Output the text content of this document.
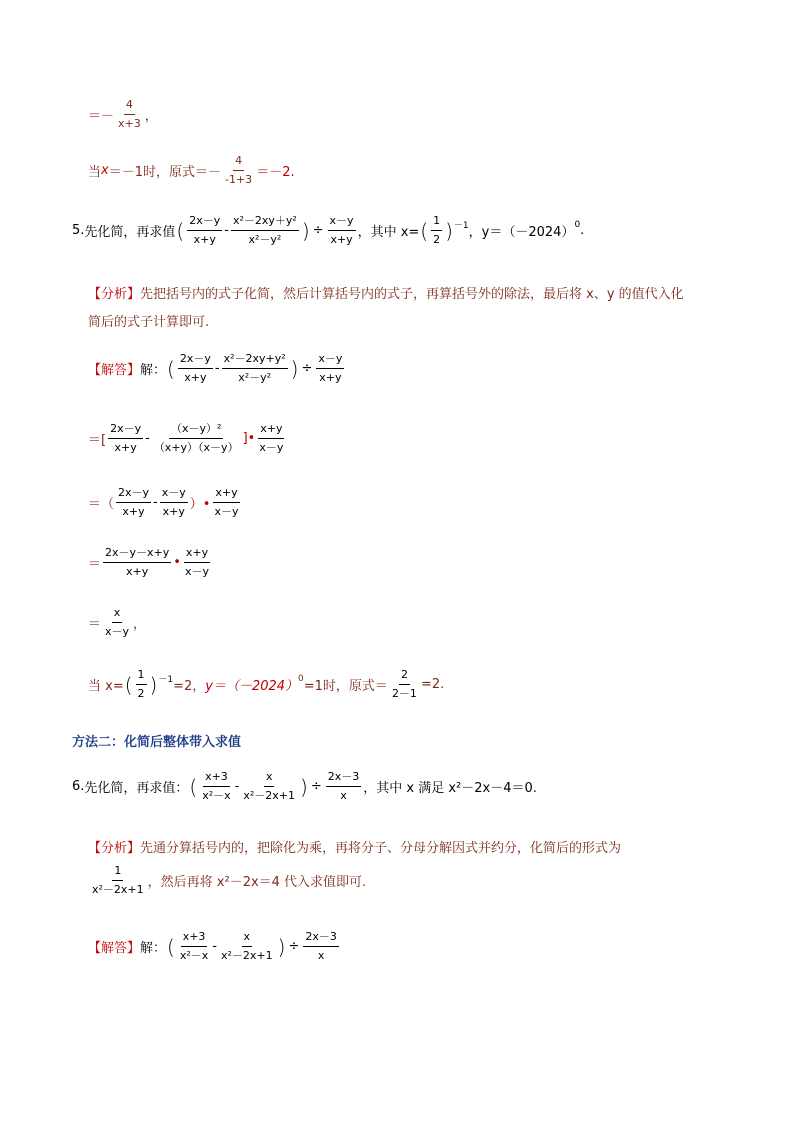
＝－ $\frac{4}{x+3}$ ，
当 x ＝－1时，原式＝－ $\frac{4}{-1+3} =-2$.
5. 先化简，再求值 ( $\frac{2x-y}{x+y} - \frac{\text{x²－2xy＋y²}}{\text{x²－y²}}$ ) ÷ $\frac{x-y}{x+y}$ ，其中 x= ( $\frac{1}{2}$ ) －1 ，y＝（－2024）
0 .
【分析】 先把括号内的式子化简，然后计算括号内的式子，再算括号外的除法，最后将 x、y 的值代入化
简后的式子计算即可.
【解答】 解： ( $\frac{2x-y}{x+y} - \frac{\text{x²－2xy+y²}}{\text{x²－y²}}$ ) ÷ $\frac{x-y}{x+y}$
＝[ $\frac{2x-y}{x+y} - \frac{\text{（x－y）²}}{(x+y)(x-y)}$ ]• $\frac{x+y}{x-y}$
＝（ $\frac{2x-y}{x+y} - \frac{x-y}{x+y}$ ）• $\frac{x+y}{x-y}$
＝ $\frac{2x-y-x+y}{x+y}$ • $\frac{x+y}{x-y}$
＝ $\frac{x}{x-y}$ ，
当 x= ( $\frac{1}{2}$ ) －1 =2， y＝（－2024）
0
=1时，原式＝ $\frac{2}{2-1} =2$.
方法二：化简后整体带入求值
6. 先化简，再求值： ( $\frac{x+3}{\text{x²－x}} - \frac{x}{\text{x²－2x+1}}$ ) ÷ $\frac{2x-3}{x}$ ，其中 x 满足 x²－2x－4＝0.
【分析】 先通分算括号内的，把除化为乘，再将分子、分母分解因式并约分，化简后的形式为
$\frac{1}{\text{x²－2x+1}}$ ，然后再将 x²－2x＝4 代入求值即可.
【解答】 解： ( $\frac{x+3}{\text{x²－x}} - \frac{x}{\text{x²－2x+1}}$ ) ÷ $\frac{2x-3}{x}$
